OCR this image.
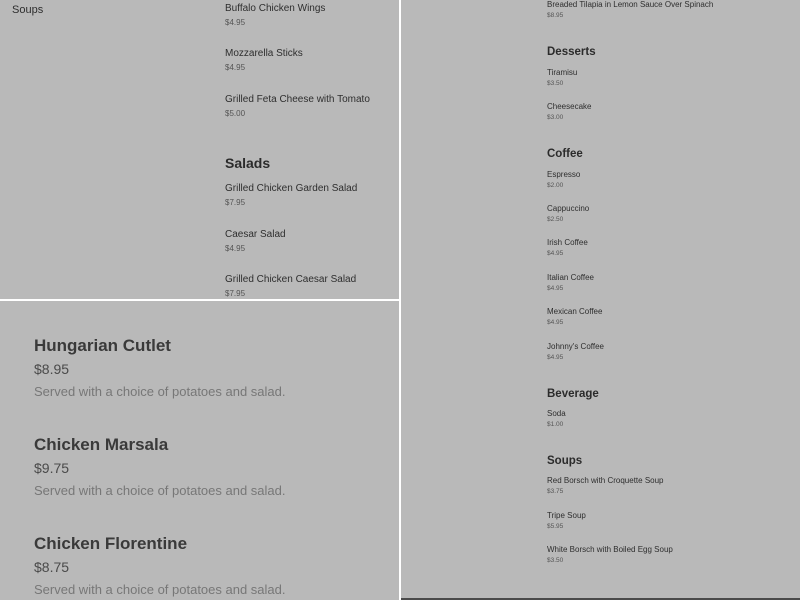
Soups	Buffalo Chicken Wings
$4.95
Mozzarella Sticks
$4.95
Grilled Feta Cheese with Tomato
$5.00
Salads
Grilled Chicken Garden Salad
$7.95
Caesar Salad
$4.95
Grilled Chicken Caesar Salad
$7.95
Hungarian Cutlet
$8.95
Served with a choice of potatoes and salad.
Chicken Marsala
$9.75
Served with a choice of potatoes and salad.
Chicken Florentine
$8.75
Served with a choice of potatoes and salad.
Breaded Tilapia in Lemon Sauce Over Spinach
$8.95
Desserts
Tiramisu
$3.50
Cheesecake
$3.00
Coffee
Espresso
$2.00
Cappuccino
$2.50
Irish Coffee
$4.95
Italian Coffee
$4.95
Mexican Coffee
$4.95
Johnny's Coffee
$4.95
Beverage
Soda
$1.00
Soups
Red Borsch with Croquette Soup
$3.75
Tripe Soup
$5.95
White Borsch with Boiled Egg Soup
$3.50
